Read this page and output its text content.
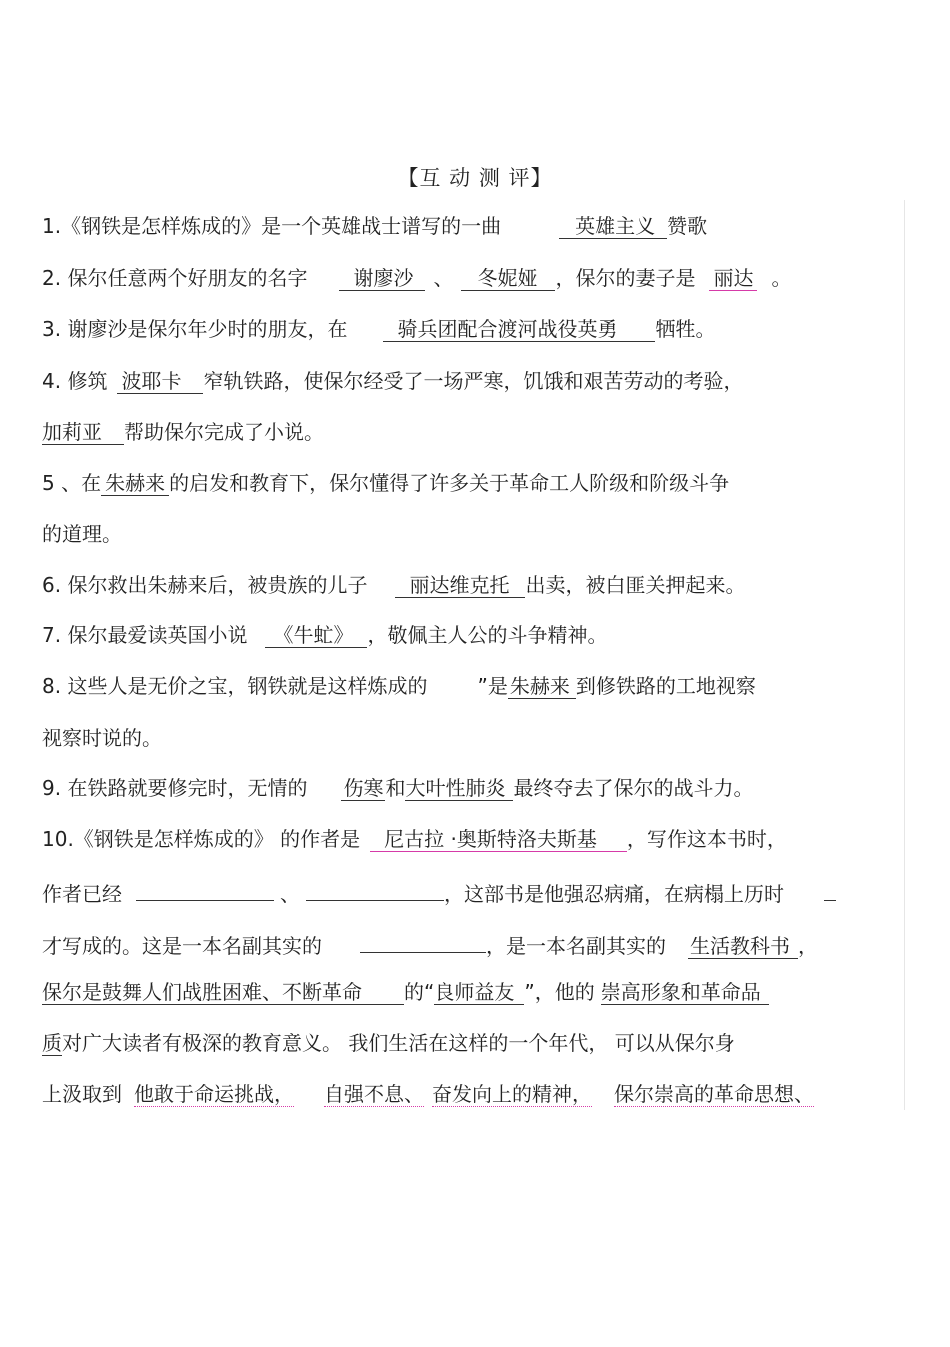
【互 动 测 评】
1.《钢铁是怎样炼成的》是一个英雄战士谱写的一曲	英雄主义 赞歌
2. 保尔任意两个好朋友的名字 谢廖沙 、 冬妮娅 ，保尔的妻子是 丽达 。
3. 谢廖沙是保尔年少时的朋友，在	骑兵团配合渡河战役英勇 牺牲。
4. 修筑 波耶卡 窄轨铁路，使保尔经受了一场严寒，饥饿和艰苦劳动的考验，
加莉亚 帮助保尔完成了小说。
5 、在 朱赫来 的启发和教育下，保尔懂得了许多关于革命工人阶级和阶级斗争
的道理。
6. 保尔救出朱赫来后，被贵族的儿子 丽达维克托 出卖，被白匪关押起来。
7. 保尔最爱读英国小说 《牛虻》 ，敬佩主人公的斗争精神。
8. 这些人是无价之宝，钢铁就是这样炼成的	”是 朱赫来 到修铁路的工地视察
视察时说的。
9. 在铁路就要修完时，无情的 伤寒 和大叶性肺炎 最终夺去了保尔的战斗力。
10.《钢铁是怎样炼成的》 的作者是 尼古拉 ·奥斯特洛夫斯基 ，写作这本书时，
作者已经	、	，这部书是他强忍病痛，在病榻上历时
才写成的。这是一本名副其实的	，是一本名副其实的 生活教科书 ，
保尔是鼓舞人们战胜困难、不断革命 的“良师益友 ”，他的 崇高形象和革命品
质对广大读者有极深的教育意义。 我们生活在这样的一个年代， 可以从保尔身
上汲取到 他敢于命运挑战， 自强不息、 奋发向上的精神， 保尔崇高的革命思想、
